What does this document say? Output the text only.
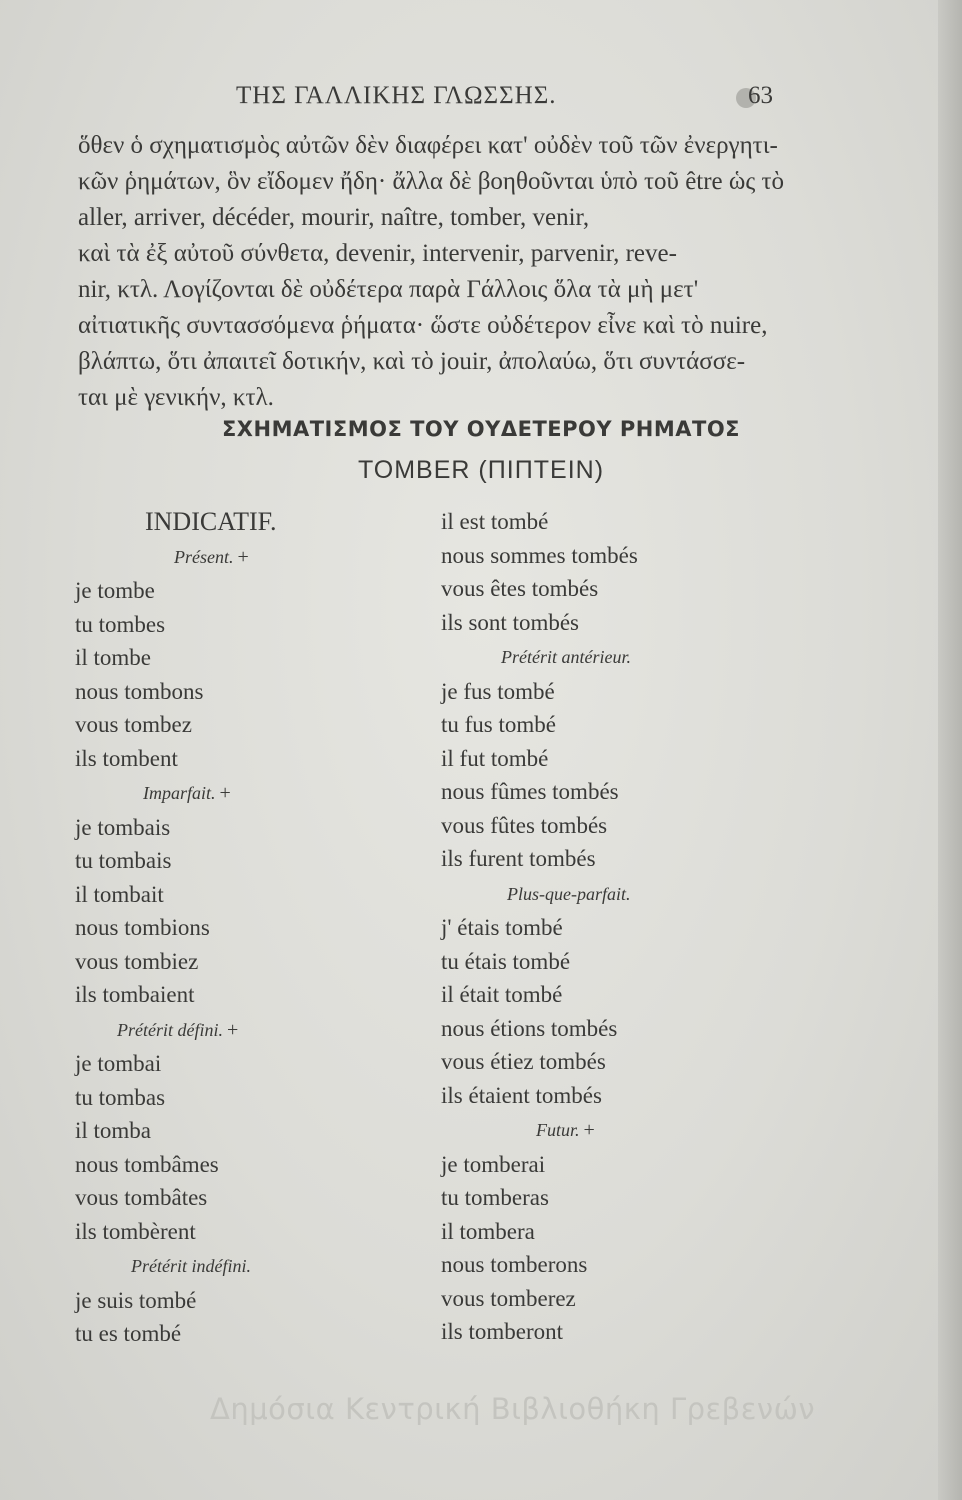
ΤΗΣ ΓΑΛΛΙΚΗΣ ΓΛΩΣΣΗΣ.	63
ὅθεν ὁ σχηματισμὸς αὐτῶν δὲν διαφέρει κατ' οὐδὲν τοῦ τῶν ἐνεργητι-
κῶν ῥημάτων, ὃν εἴδομεν ἤδη· ἄλλα δὲ βοηθοῦνται ὑπὸ τοῦ être ὡς τὸ
aller, arriver, décéder, mourir, naître, tomber, venir,
καὶ τὰ ἐξ αὐτοῦ σύνθετα, devenir, intervenir, parvenir, reve-
nir, κτλ. Λογίζονται δὲ οὐδέτερα παρὰ Γάλλοις ὅλα τὰ μὴ μετ'
αἰτιατικῆς συντασσόμενα ῥήματα· ὥστε οὐδέτερον εἶνε καὶ τὸ nuire,
βλάπτω, ὅτι ἀπαιτεῖ δοτικήν, καὶ τὸ jouir, ἀπολαύω, ὅτι συντάσσε-
ται μὲ γενικήν, κτλ.
ΣΧΗΜΑΤΙΣΜΟΣ ΤΟΥ ΟΥΔΕΤΕΡΟΥ ΡΗΜΑΤΟΣ
TOMBER (ΠΙΠΤΕΙΝ)
INDICATIF.
Présent. +
je tombe
tu tombes
il tombe
nous tombons
vous tombez
ils tombent
Imparfait. +
je tombais
tu tombais
il tombait
nous tombions
vous tombiez
ils tombaient
Prétérit défini. +
je tombai
tu tombas
il tomba
nous tombâmes
vous tombâtes
ils tombèrent
Prétérit indéfini.
je suis tombé
tu es tombé
il est tombé
nous sommes tombés
vous êtes tombés
ils sont tombés
Prétérit antérieur.
je fus tombé
tu fus tombé
il fut tombé
nous fûmes tombés
vous fûtes tombés
ils furent tombés
Plus-que-parfait.
j' étais tombé
tu étais tombé
il était tombé
nous étions tombés
vous étiez tombés
ils étaient tombés
Futur. +
je tomberai
tu tomberas
il tombera
nous tomberons
vous tomberez
ils tomberont
Δημόσια Κεντρική Βιβλιοθήκη Γρεβενών
